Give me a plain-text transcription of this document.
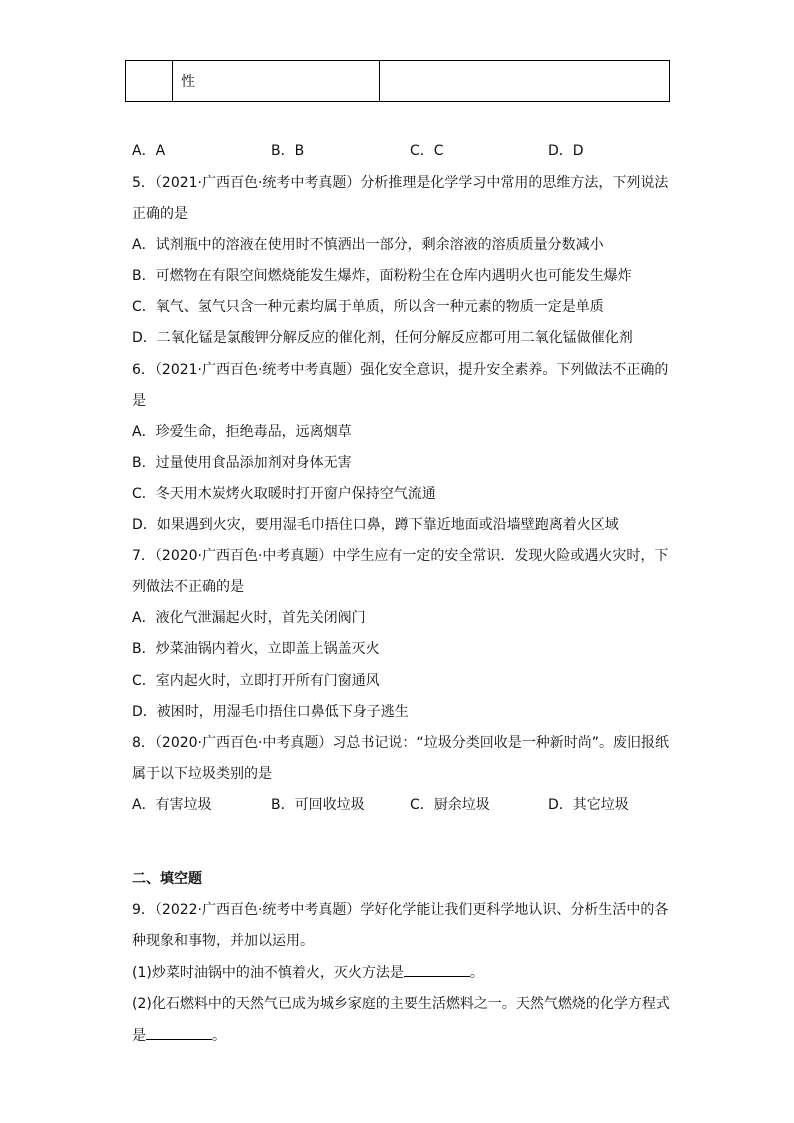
	性	
A．A	B．B	C．C	D．D
5．（2021·广西百色·统考中考真题）分析推理是化学学习中常用的思维方法，下列说法
正确的是
A．试剂瓶中的溶液在使用时不慎洒出一部分，剩余溶液的溶质质量分数减小
B．可燃物在有限空间燃烧能发生爆炸，面粉粉尘在仓库内遇明火也可能发生爆炸
C．氧气、氢气只含一种元素均属于单质，所以含一种元素的物质一定是单质
D．二氧化锰是氯酸钾分解反应的催化剂，任何分解反应都可用二氧化锰做催化剂
6．（2021·广西百色·统考中考真题）强化安全意识，提升安全素养。下列做法不正确的
是
A．珍爱生命，拒绝毒品，远离烟草
B．过量使用食品添加剂对身体无害
C．冬天用木炭烤火取暖时打开窗户保持空气流通
D．如果遇到火灾，要用湿毛巾捂住口鼻，蹲下靠近地面或沿墙壁跑离着火区域
7．（2020·广西百色·中考真题）中学生应有一定的安全常识．发现火险或遇火灾时，下
列做法不正确的是
A．液化气泄漏起火时，首先关闭阀门
B．炒菜油锅内着火，立即盖上锅盖灭火
C．室内起火时，立即打开所有门窗通风
D．被困时，用湿毛巾捂住口鼻低下身子逃生
8．（2020·广西百色·中考真题）习总书记说：“垃圾分类回收是一种新时尚”。废旧报纸
属于以下垃圾类别的是
A．有害垃圾	B．可回收垃圾	C．厨余垃圾	D．其它垃圾
二、填空题
9．（2022·广西百色·统考中考真题）学好化学能让我们更科学地认识、分析生活中的各
种现象和事物，并加以运用。
(1)炒菜时油锅中的油不慎着火，灭火方法是	。
(2)化石燃料中的天然气已成为城乡家庭的主要生活燃料之一。天然气燃烧的化学方程式
是	。
